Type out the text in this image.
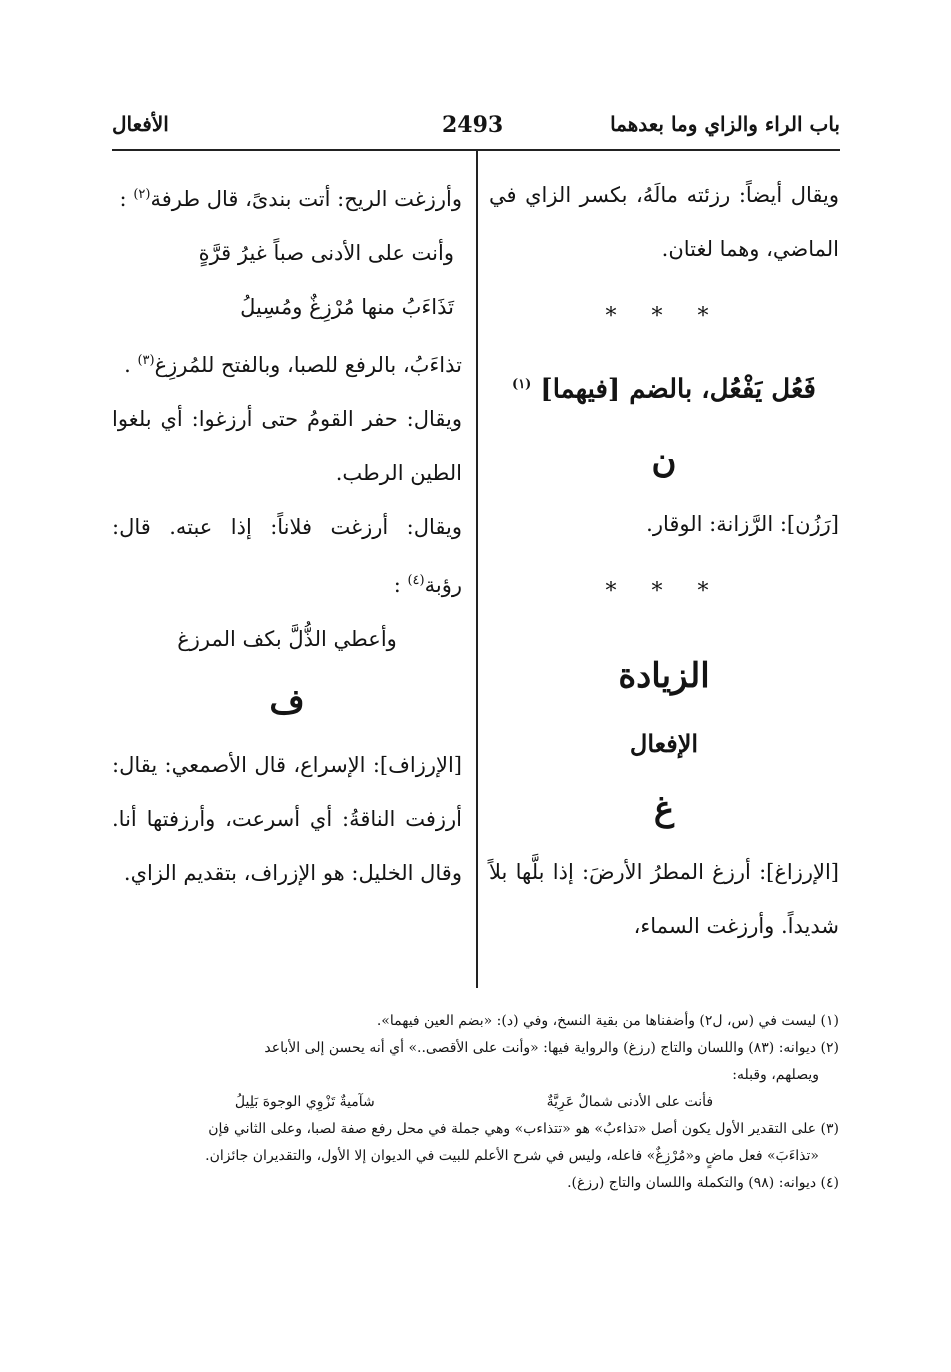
باب الراء والزاي وما بعدهما
2493
الأفعال

ويقال أيضاً: رزئته مالَهُ، بكسر الزاي في الماضي، وهما لغتان.

* * *
فَعُل يَفْعُل، بالضم [فيهما] $^{(١)}$
ن

[رَزُن]: الرَّزانة: الوقار.

* * *
الزيادة
الإفعال
غ

[الإرزاغ]: أرزغ المطرُ الأرضَ: إذا بلَّها بلاً شديداً. وأرزغت السماء،

وأرزغت الريح: أتت بندىً، قال طرفة$^{(٢)}$ :

وأنت على الأدنى صباً غيرُ قرَّةٍ

تَذَاءَبُ منها مُرْزِغٌ ومُسِيلُ

تذاءَبُ، بالرفع للصبا، وبالفتح للمُرزِغ$^{(٣)}$ .

ويقال: حفر القومُ حتى أرزغوا: أي بلغوا الطين الرطب.

ويقال: أرزغت فلاناً: إذا عبته. قال: رؤبة$^{(٤)}$ :

وأعطي الذُّلَّ بكف المرزغ

ف

[الإرزاف]: الإسراع، قال الأصمعي: يقال: أرزفت الناقةُ: أي أسرعت، وأرزفتها أنا. وقال الخليل: هو الإزراف، بتقديم الزاي.

(١) ليست في (س، ل٢) وأضفناها من بقية النسخ، وفي (د): «بضم العين فيهما».

(٢) ديوانه: (٨٣) واللسان والتاج (رزغ) والرواية فيها: «وأنت على الأقصى..» أي أنه يحسن إلى الأباعد

ويصلهم، وقبله:

فأنت على الأدنى شمالٌ عَرِيَّةٌ
شآميةٌ تَزْوِي الوجوهَ بَلِيلُ

(٣) على التقدير الأول يكون أصل «تذاءبُ» هو «تتذاءب» وهي جملة في محل رفع صفة لصبا، وعلى الثاني فإن

«تذاءَبَ» فعل ماضٍ و«مُرْزِغٌ» فاعله، وليس في شرح الأعلم للبيت في الديوان إلا الأول، والتقديران جائزان.

(٤) ديوانه: (٩٨) والتكملة واللسان والتاج (رزغ).
